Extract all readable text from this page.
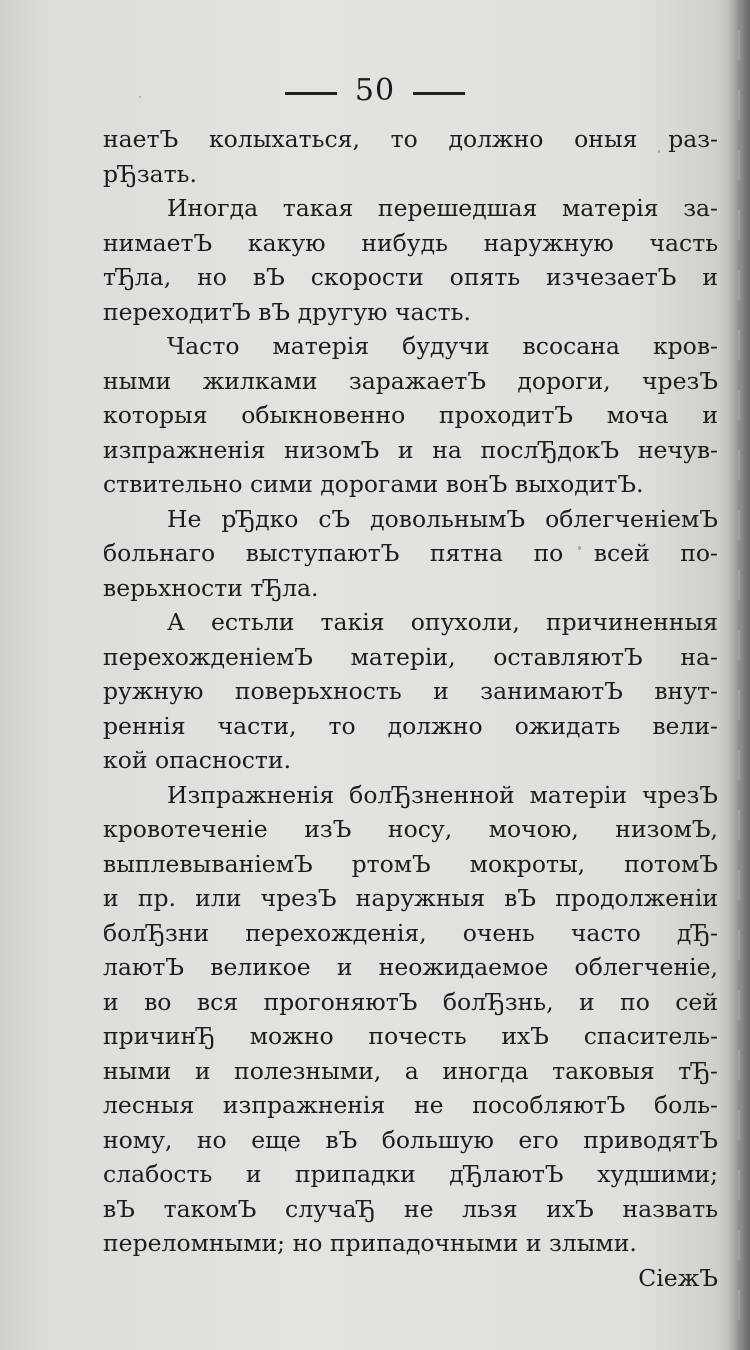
50
наетЪ колыхаться, то должно оныя раз-
рЂзать.
Иногда такая перешедшая матерія за-
нимаетЪ какую нибудь наружную часть
тЂла, но вЪ скорости опять изчезаетЪ и
переходитЪ вЪ другую часть.
Часто матерія будучи всосана кров-
ными жилками заражаетЪ дороги, чрезЪ
которыя обыкновенно проходитЪ моча и
изпражненія низомЪ и на послЂдокЪ нечув-
ствительно сими дорогами вонЪ выходитЪ.
Не рЂдко сЪ довольнымЪ облегченіемЪ
больнаго выступаютЪ пятна по всей по-
верьхности тЂла.
А естьли такія опухоли, причиненныя
перехожденіемЪ матеріи, оставляютЪ на-
ружную поверьхность и занимаютЪ внут-
реннія части, то должно ожидать вели-
кой опасности.
Изпражненія болЂзненной матеріи чрезЪ
кровотеченіе изЪ носу, мочою, низомЪ,
выплевываніемЪ ртомЪ мокроты, потомЪ
и пр. или чрезЪ наружныя вЪ продолженіи
болЂзни перехожденія, очень часто дЂ-
лаютЪ великое и неожидаемое облегченіе,
и во вся прогоняютЪ болЂзнь, и по сей
причинЂ можно почесть ихЪ спаситель-
ными и полезными, а иногда таковыя тЂ-
лесныя изпражненія не пособляютЪ боль-
ному, но еще вЪ большую его приводятЪ
слабость и припадки дЂлаютЪ худшими;
вЪ такомЪ случаЂ не льзя ихЪ назвать
переломными; но припадочными и злыми.
СіежЪ
